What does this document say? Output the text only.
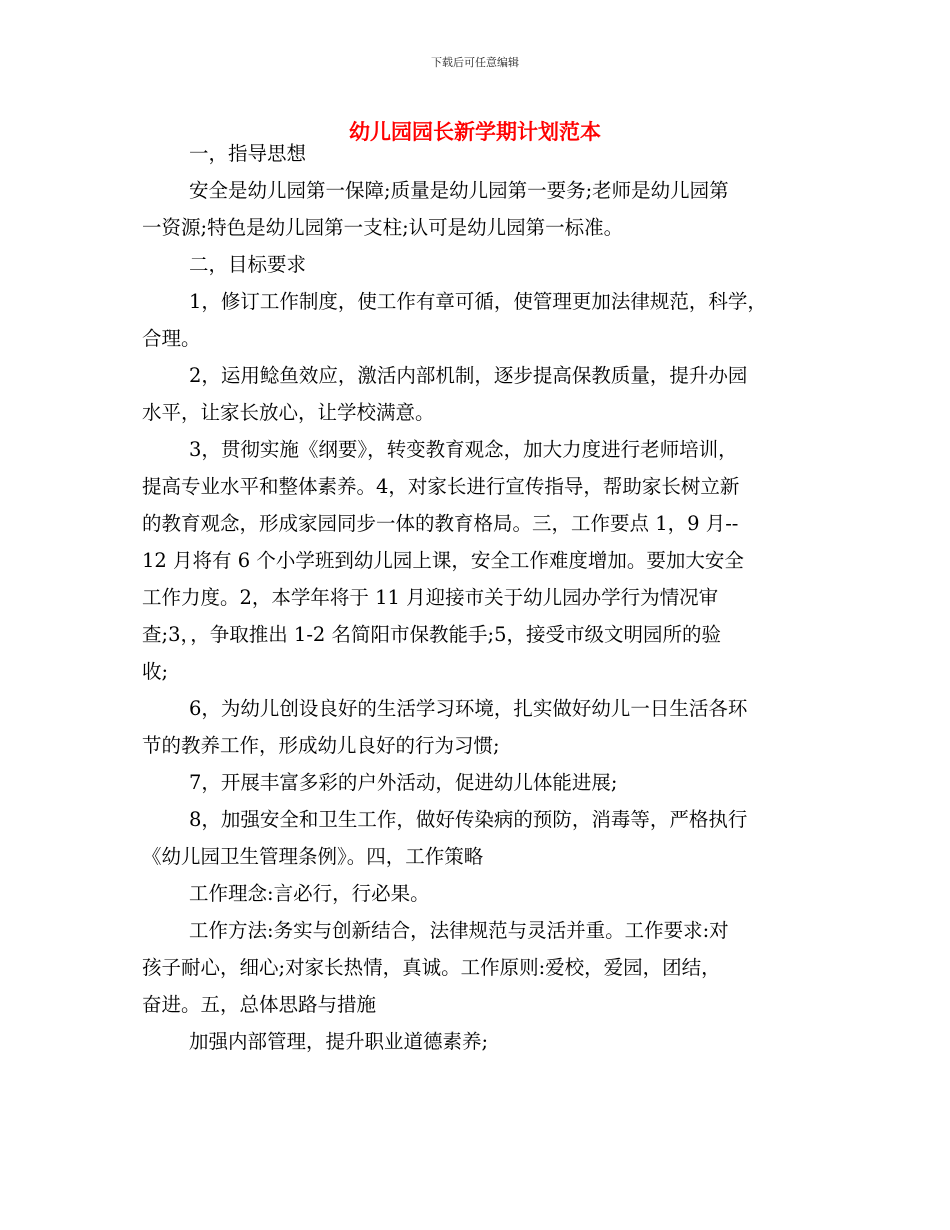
下载后可任意编辑
幼儿园园长新学期计划范本
一，指导思想
安全是幼儿园第一保障;质量是幼儿园第一要务;老师是幼儿园第
一资源;特色是幼儿园第一支柱;认可是幼儿园第一标准。
二，目标要求
1，修订工作制度，使工作有章可循，使管理更加法律规范，科学，
合理。
2，运用鲶鱼效应，激活内部机制，逐步提高保教质量，提升办园
水平，让家长放心，让学校满意。
3，贯彻实施《纲要》，转变教育观念，加大力度进行老师培训，
提高专业水平和整体素养。4，对家长进行宣传指导，帮助家长树立新
的教育观念，形成家园同步一体的教育格局。三，工作要点 1，9 月--
12 月将有 6 个小学班到幼儿园上课，安全工作难度增加。要加大安全
工作力度。2，本学年将于 11 月迎接市关于幼儿园办学行为情况审
查;3，，争取推出 1-2 名简阳市保教能手;5，接受市级文明园所的验
收;
6，为幼儿创设良好的生活学习环境，扎实做好幼儿一日生活各环
节的教养工作，形成幼儿良好的行为习惯;
7，开展丰富多彩的户外活动，促进幼儿体能进展;
8，加强安全和卫生工作，做好传染病的预防，消毒等，严格执行
《幼儿园卫生管理条例》。四，工作策略
工作理念:言必行，行必果。
工作方法:务实与创新结合，法律规范与灵活并重。工作要求:对
孩子耐心，细心;对家长热情，真诚。工作原则:爱校，爱园，团结，
奋进。五，总体思路与措施
加强内部管理，提升职业道德素养;
